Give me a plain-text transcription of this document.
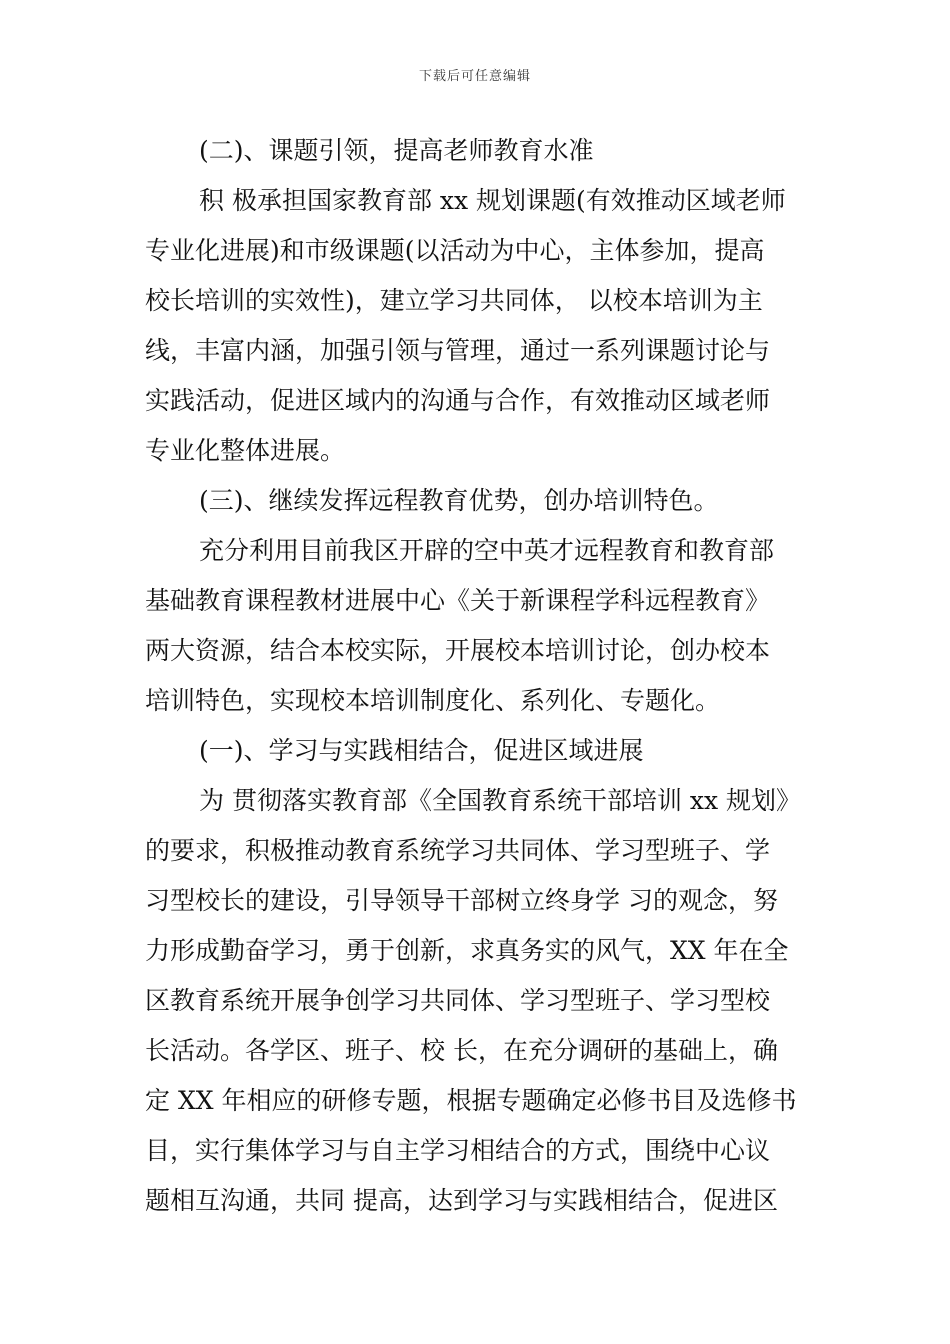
下载后可任意编辑
(二)、课题引领，提高老师教育水准
积 极承担国家教育部 xx 规划课题(有效推动区域老师
专业化进展)和市级课题(以活动为中心，主体参加，提高
校长培训的实效性)，建立学习共同体， 以校本培训为主
线，丰富内涵，加强引领与管理，通过一系列课题讨论与
实践活动，促进区域内的沟通与合作，有效推动区域老师
专业化整体进展。
(三)、继续发挥远程教育优势，创办培训特色。
充分利用目前我区开辟的空中英才远程教育和教育部
基础教育课程教材进展中心《关于新课程学科远程教育》
两大资源，结合本校实际，开展校本培训讨论，创办校本
培训特色，实现校本培训制度化、系列化、专题化。
(一)、学习与实践相结合，促进区域进展
为 贯彻落实教育部《全国教育系统干部培训 xx 规划》
的要求，积极推动教育系统学习共同体、学习型班子、学
习型校长的建设，引导领导干部树立终身学 习的观念，努
力形成勤奋学习，勇于创新，求真务实的风气，XX 年在全
区教育系统开展争创学习共同体、学习型班子、学习型校
长活动。各学区、班子、校 长，在充分调研的基础上，确
定 XX 年相应的研修专题，根据专题确定必修书目及选修书
目，实行集体学习与自主学习相结合的方式，围绕中心议
题相互沟通，共同 提高，达到学习与实践相结合，促进区
